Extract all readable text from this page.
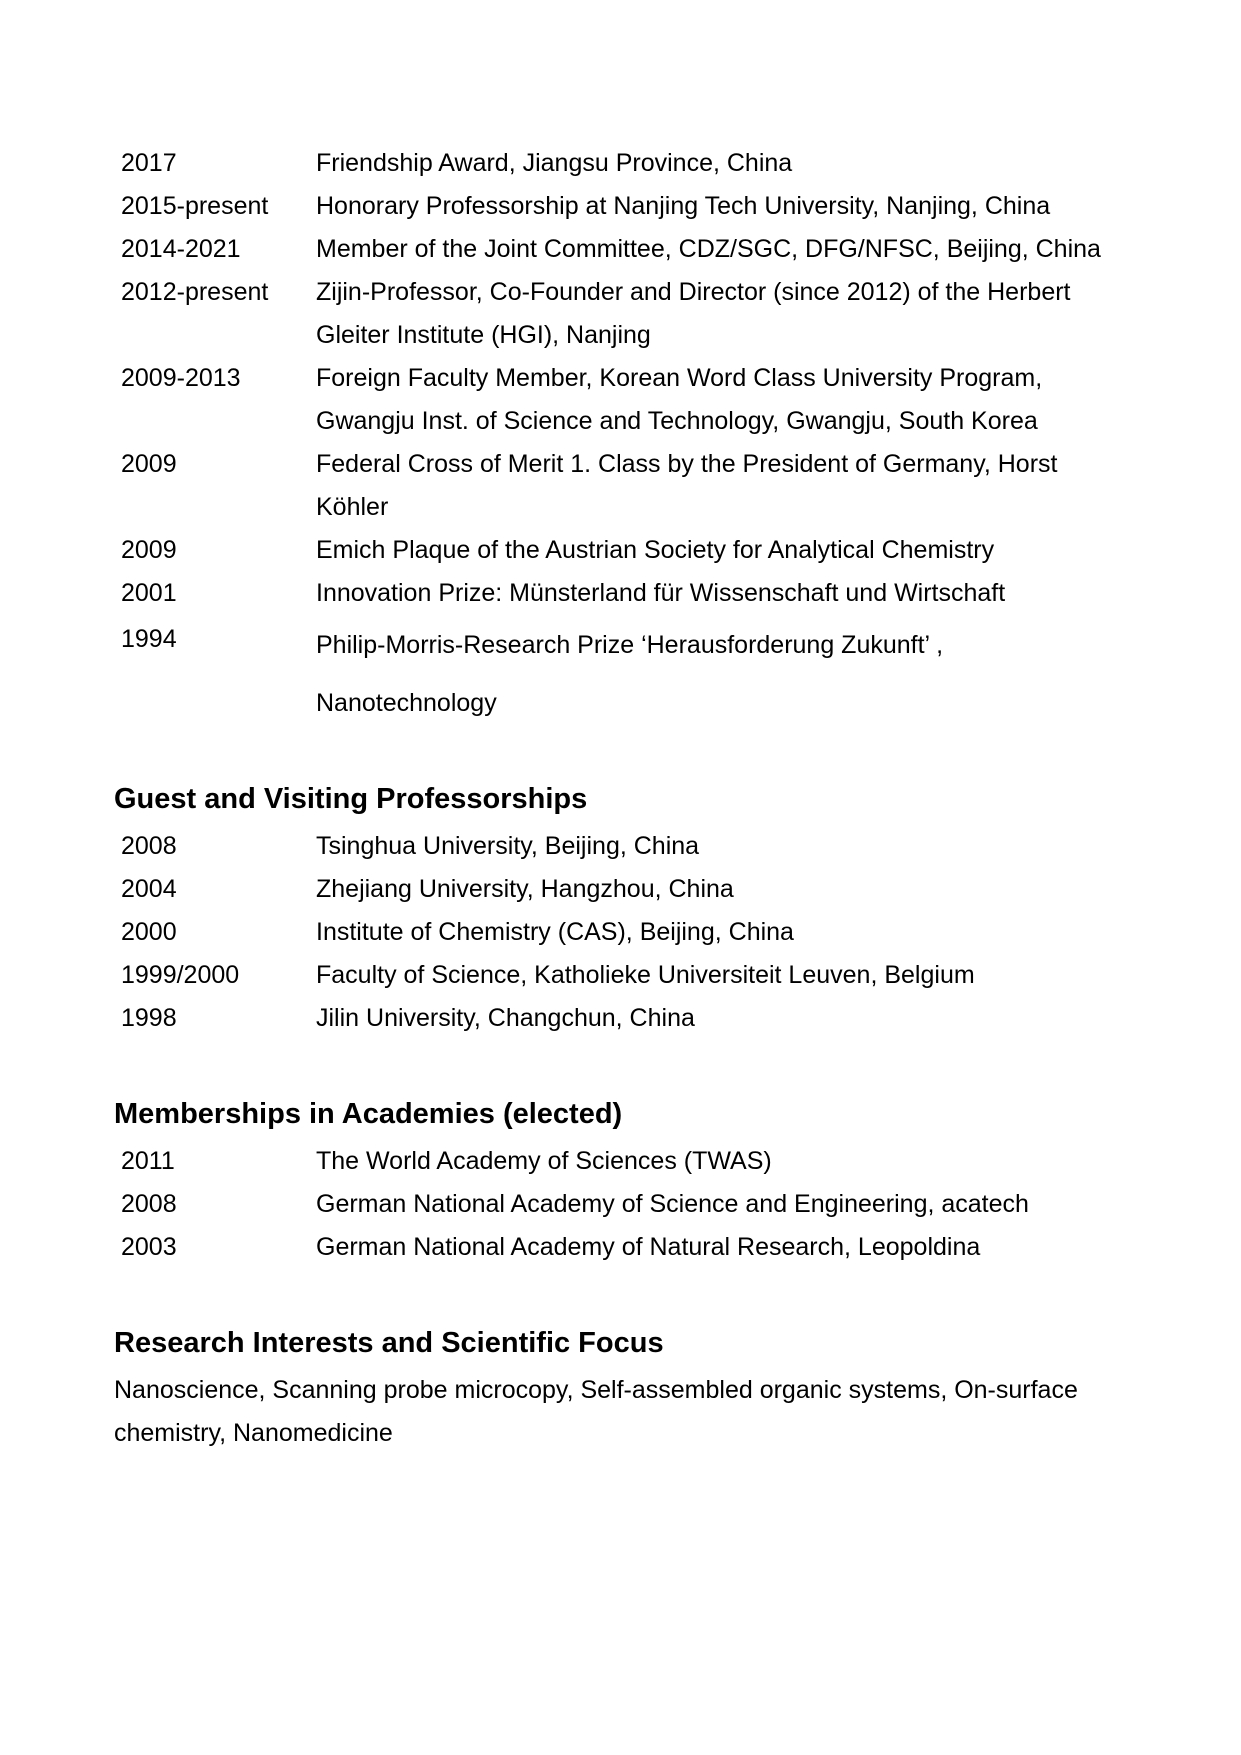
2017	Friendship Award, Jiangsu Province, China
2015-present	Honorary Professorship at Nanjing Tech University, Nanjing, China
2014-2021	Member of the Joint Committee, CDZ/SGC, DFG/NFSC, Beijing, China
2012-present	Zijin-Professor, Co-Founder and Director (since 2012) of the Herbert
Gleiter Institute (HGI), Nanjing
2009-2013	Foreign Faculty Member, Korean Word Class University Program,
Gwangju Inst. of Science and Technology, Gwangju, South Korea
2009	Federal Cross of Merit 1. Class by the President of Germany, Horst
Köhler
2009	Emich Plaque of the Austrian Society for Analytical Chemistry
2001	Innovation Prize: Münsterland für Wissenschaft und Wirtschaft
1994	Philip-Morris-Research Prize ‘Herausforderung Zukunft’ ,
Nanotechnology
Guest and Visiting Professorships
2008	Tsinghua University, Beijing, China
2004	Zhejiang University, Hangzhou, China
2000	Institute of Chemistry (CAS), Beijing, China
1999/2000	Faculty of Science, Katholieke Universiteit Leuven, Belgium
1998	Jilin University, Changchun, China
Memberships in Academies (elected)
2011	The World Academy of Sciences (TWAS)
2008	German National Academy of Science and Engineering, acatech
2003	German National Academy of Natural Research, Leopoldina
Research Interests and Scientific Focus
Nanoscience, Scanning probe microcopy, Self-assembled organic systems, On-surface
chemistry, Nanomedicine
